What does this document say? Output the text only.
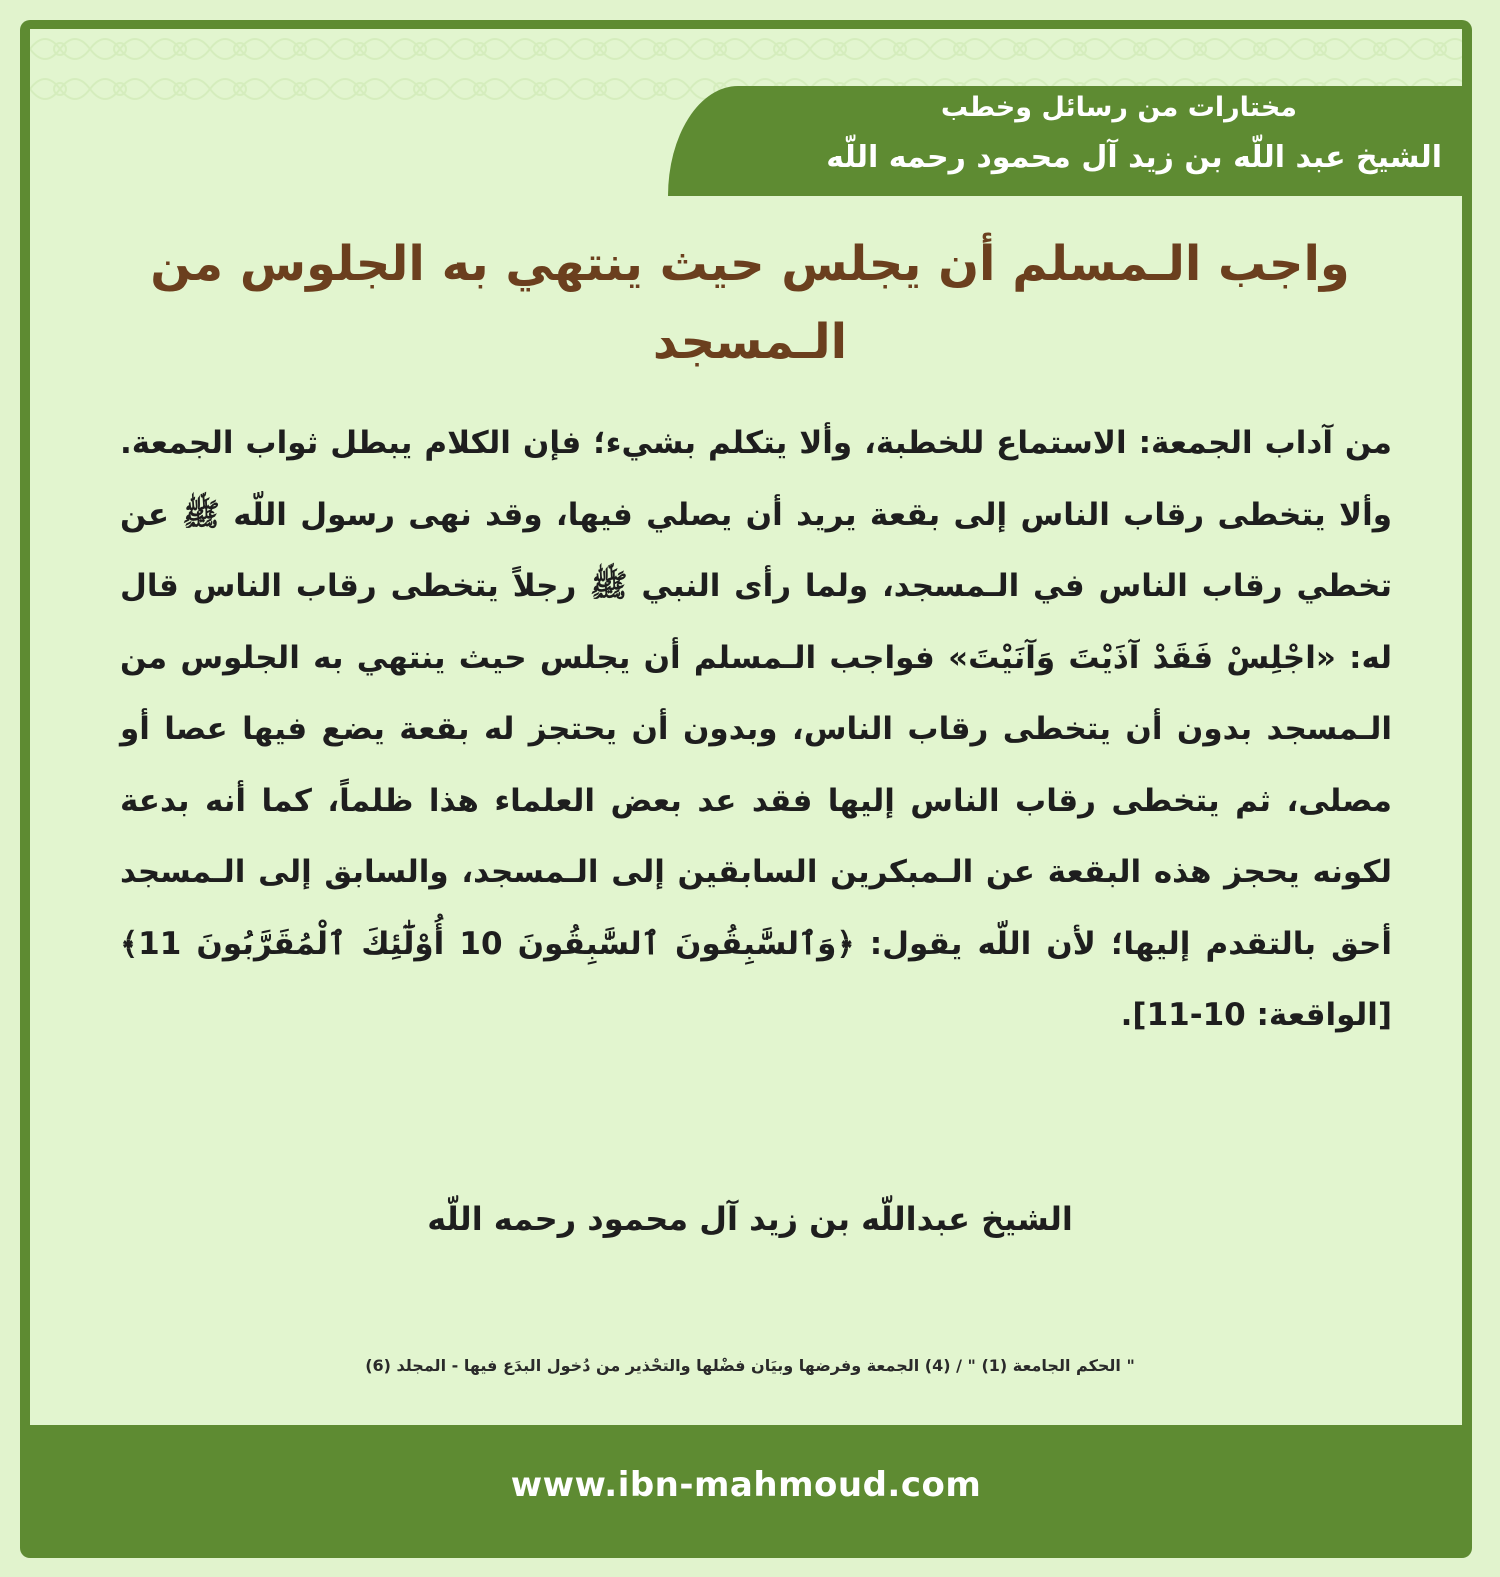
مختارات من رسائل وخطب
الشيخ عبد اللّه بن زيد آل محمود رحمه اللّه
واجب الـمسلم أن يجلس حيث ينتهي به الجلوس من الـمسجد
من آداب الجمعة: الاستماع للخطبة، وألا يتكلم بشيء؛ فإن الكلام يبطل ثواب الجمعة. وألا يتخطى رقاب الناس إلى بقعة يريد أن يصلي فيها، وقد نهى رسول اللّه ﷺ عن تخطي رقاب الناس في الـمسجد، ولما رأى النبي ﷺ رجلاً يتخطى رقاب الناس قال له: «اجْلِسْ فَقَدْ آذَيْتَ وَآنَيْتَ» فواجب الـمسلم أن يجلس حيث ينتهي به الجلوس من الـمسجد بدون أن يتخطى رقاب الناس، وبدون أن يحتجز له بقعة يضع فيها عصا أو مصلى، ثم يتخطى رقاب الناس إليها فقد عد بعض العلماء هذا ظلماً، كما أنه بدعة لكونه يحجز هذه البقعة عن الـمبكرين السابقين إلى الـمسجد، والسابق إلى الـمسجد أحق بالتقدم إليها؛ لأن اللّه يقول: ﴿وَٱلسَّٰبِقُونَ ٱلسَّٰبِقُونَ 10 أُوْلَٰٓئِكَ ٱلْمُقَرَّبُونَ 11﴾ [الواقعة: 10-11].
الشيخ عبداللّه بن زيد آل محمود رحمه اللّه
" الحكم الجامعة (1) " / (4) الجمعة وفرضها وبيَان فضْلها والتحْذير من دُخول البدَع فيها - المجلد (6)
www.ibn-mahmoud.com
